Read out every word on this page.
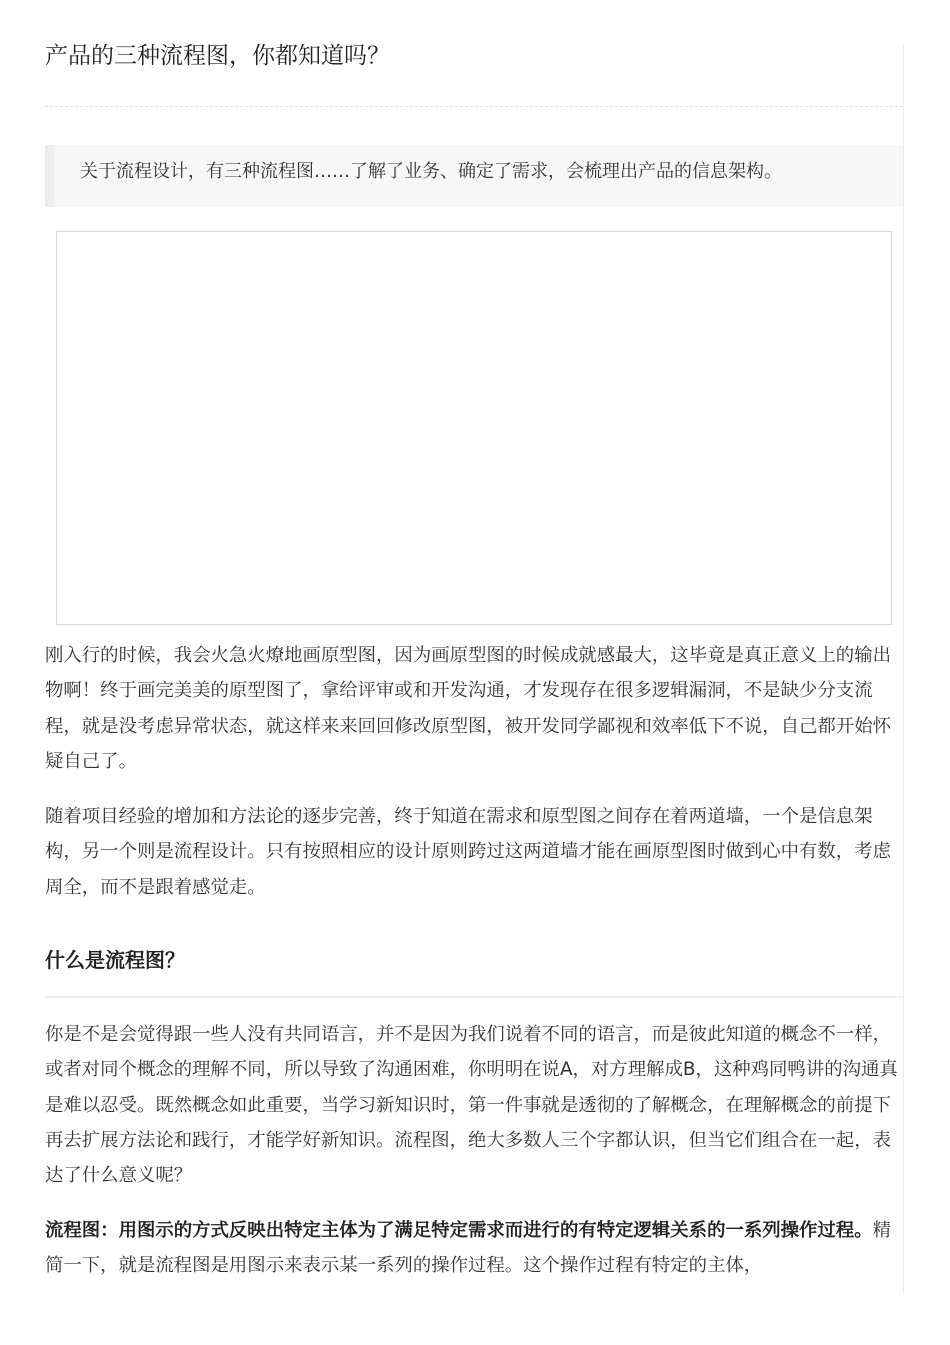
产品的三种流程图，你都知道吗？
关于流程设计，有三种流程图……了解了业务、确定了需求，会梳理出产品的信息架构。

刚入行的时候，我会火急火燎地画原型图，因为画原型图的时候成就感最大，这毕竟是真正意义上的输出物啊！终于画完美美的原型图了，拿给评审或和开发沟通，才发现存在很多逻辑漏洞，不是缺少分支流程，就是没考虑异常状态，就这样来来回回修改原型图，被开发同学鄙视和效率低下不说，自己都开始怀疑自己了。

随着项目经验的增加和方法论的逐步完善，终于知道在需求和原型图之间存在着两道墙，一个是信息架构，另一个则是流程设计。只有按照相应的设计原则跨过这两道墙才能在画原型图时做到心中有数，考虑周全，而不是跟着感觉走。

什么是流程图？

你是不是会觉得跟一些人没有共同语言，并不是因为我们说着不同的语言，而是彼此知道的概念不一样，或者对同个概念的理解不同，所以导致了沟通困难，你明明在说A，对方理解成B，这种鸡同鸭讲的沟通真是难以忍受。既然概念如此重要，当学习新知识时，第一件事就是透彻的了解概念，在理解概念的前提下再去扩展方法论和践行，才能学好新知识。流程图，绝大多数人三个字都认识，但当它们组合在一起，表达了什么意义呢？

流程图：用图示的方式反映出特定主体为了满足特定需求而进行的有特定逻辑关系的一系列操作过程。精简一下，就是流程图是用图示来表示某一系列的操作过程。这个操作过程有特定的主体，
